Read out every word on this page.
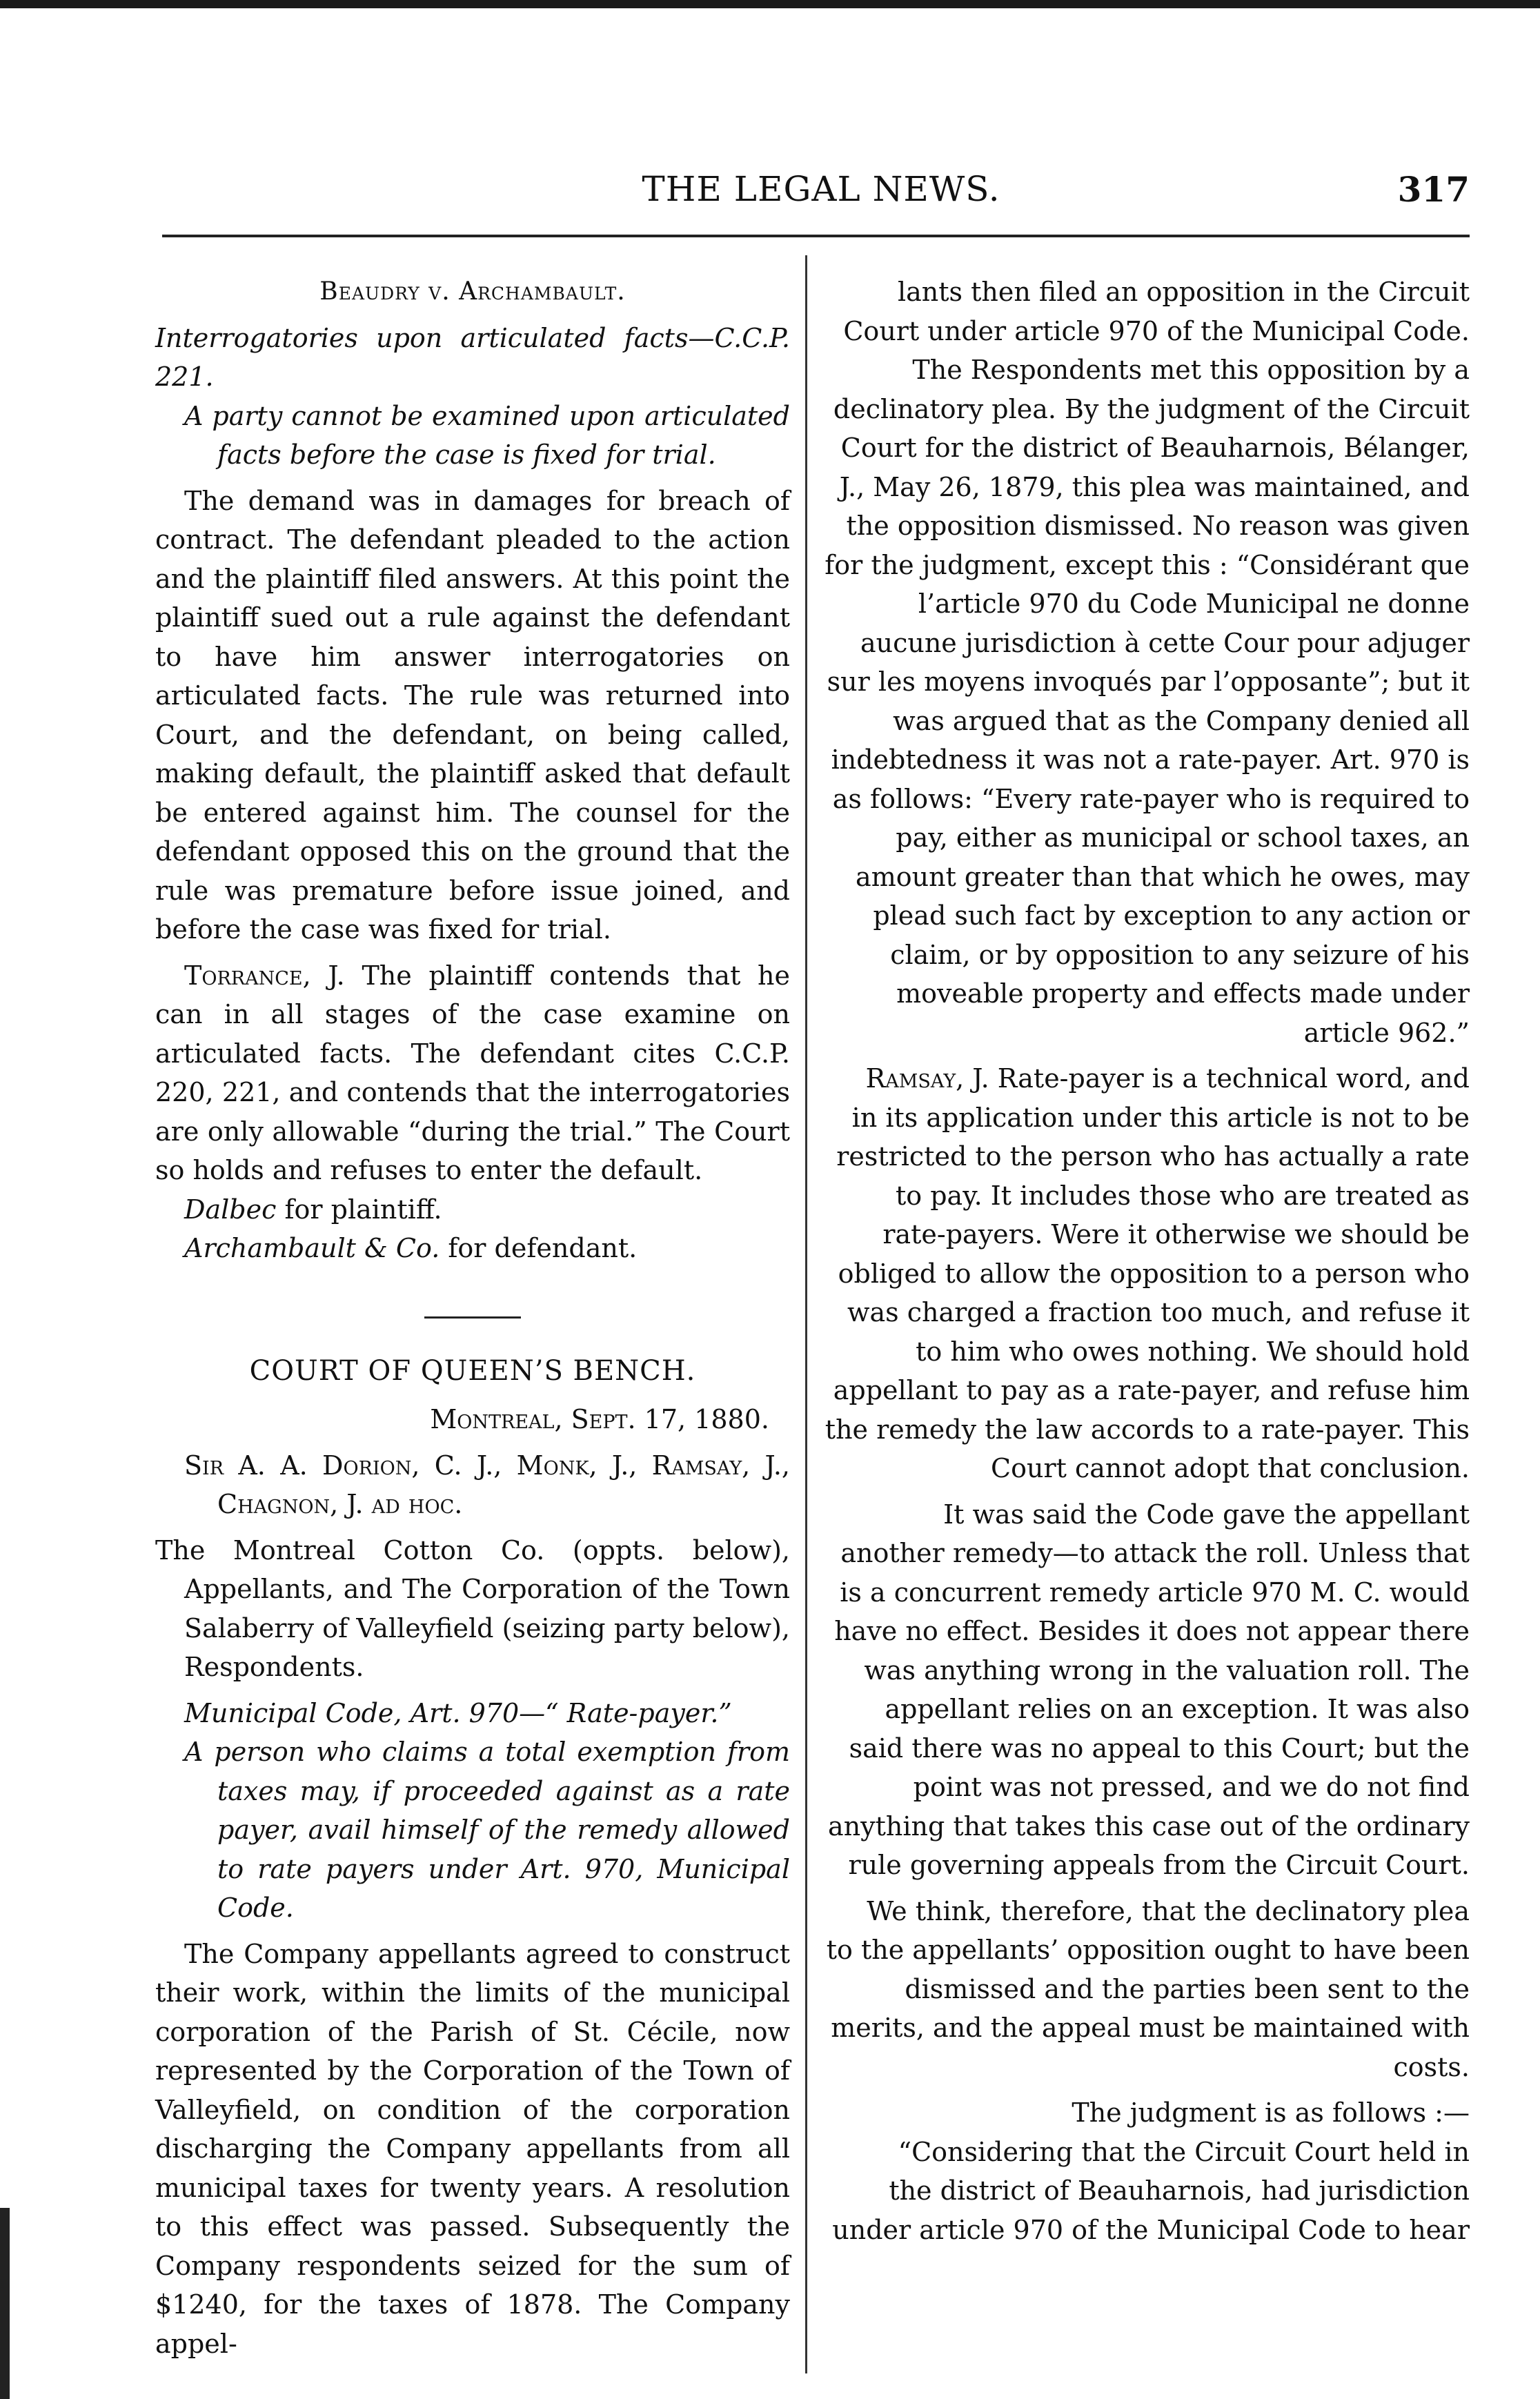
THE LEGAL NEWS.	317

Beaudry v. Archambault.

Interrogatories upon articulated facts—C.C.P. 221.

A party cannot be examined upon articulated facts before the case is fixed for trial.

The demand was in damages for breach of contract. The defendant pleaded to the action and the plaintiff filed answers. At this point the plaintiff sued out a rule against the defendant to have him answer interrogatories on articulated facts. The rule was returned into Court, and the defendant, on being called, making default, the plaintiff asked that default be entered against him. The counsel for the defendant opposed this on the ground that the rule was premature before issue joined, and before the case was fixed for trial.

Torrance, J. The plaintiff contends that he can in all stages of the case examine on articulated facts. The defendant cites C.C.P. 220, 221, and contends that the interrogatories are only allowable “during the trial.” The Court so holds and refuses to enter the default.

Dalbec for plaintiff.

Archambault & Co. for defendant.

COURT OF QUEEN’S BENCH.

Montreal, Sept. 17, 1880.

Sir A. A. Dorion, C. J., Monk, J., Ramsay, J., Chagnon, J. ad hoc.

The Montreal Cotton Co. (oppts. below), Appellants, and The Corporation of the Town Salaberry of Valleyfield (seizing party below), Respondents.

Municipal Code, Art. 970—“ Rate-payer.”

A person who claims a total exemption from taxes may, if proceeded against as a rate payer, avail himself of the remedy allowed to rate payers under Art. 970, Municipal Code.

The Company appellants agreed to construct their work, within the limits of the municipal corporation of the Parish of St. Cécile, now represented by the Corporation of the Town of Valleyfield, on condition of the corporation discharging the Company appellants from all municipal taxes for twenty years. A resolution to this effect was passed. Subsequently the Company respondents seized for the sum of $1240, for the taxes of 1878. The Company appel-

lants then filed an opposition in the Circuit Court under article 970 of the Municipal Code. The Respondents met this opposition by a declinatory plea. By the judgment of the Circuit Court for the district of Beauharnois, Bélanger, J., May 26, 1879, this plea was maintained, and the opposition dismissed. No reason was given for the judgment, except this : “Considérant que l’article 970 du Code Municipal ne donne aucune jurisdiction à cette Cour pour adjuger sur les moyens invoqués par l’opposante”; but it was argued that as the Company denied all indebtedness it was not a rate-payer. Art. 970 is as follows: “Every rate-payer who is required to pay, either as municipal or school taxes, an amount greater than that which he owes, may plead such fact by exception to any action or claim, or by opposition to any seizure of his moveable property and effects made under article 962.”

Ramsay, J. Rate-payer is a technical word, and in its application under this article is not to be restricted to the person who has actually a rate to pay. It includes those who are treated as rate-payers. Were it otherwise we should be obliged to allow the opposition to a person who was charged a fraction too much, and refuse it to him who owes nothing. We should hold appellant to pay as a rate-payer, and refuse him the remedy the law accords to a rate-payer. This Court cannot adopt that conclusion.

It was said the Code gave the appellant another remedy—to attack the roll. Unless that is a concurrent remedy article 970 M. C. would have no effect. Besides it does not appear there was anything wrong in the valuation roll. The appellant relies on an exception. It was also said there was no appeal to this Court; but the point was not pressed, and we do not find anything that takes this case out of the ordinary rule governing appeals from the Circuit Court.

We think, therefore, that the declinatory plea to the appellants’ opposition ought to have been dismissed and the parties been sent to the merits, and the appeal must be maintained with costs.

The judgment is as follows :—

“Considering that the Circuit Court held in the district of Beauharnois, had jurisdiction under article 970 of the Municipal Code to hear
